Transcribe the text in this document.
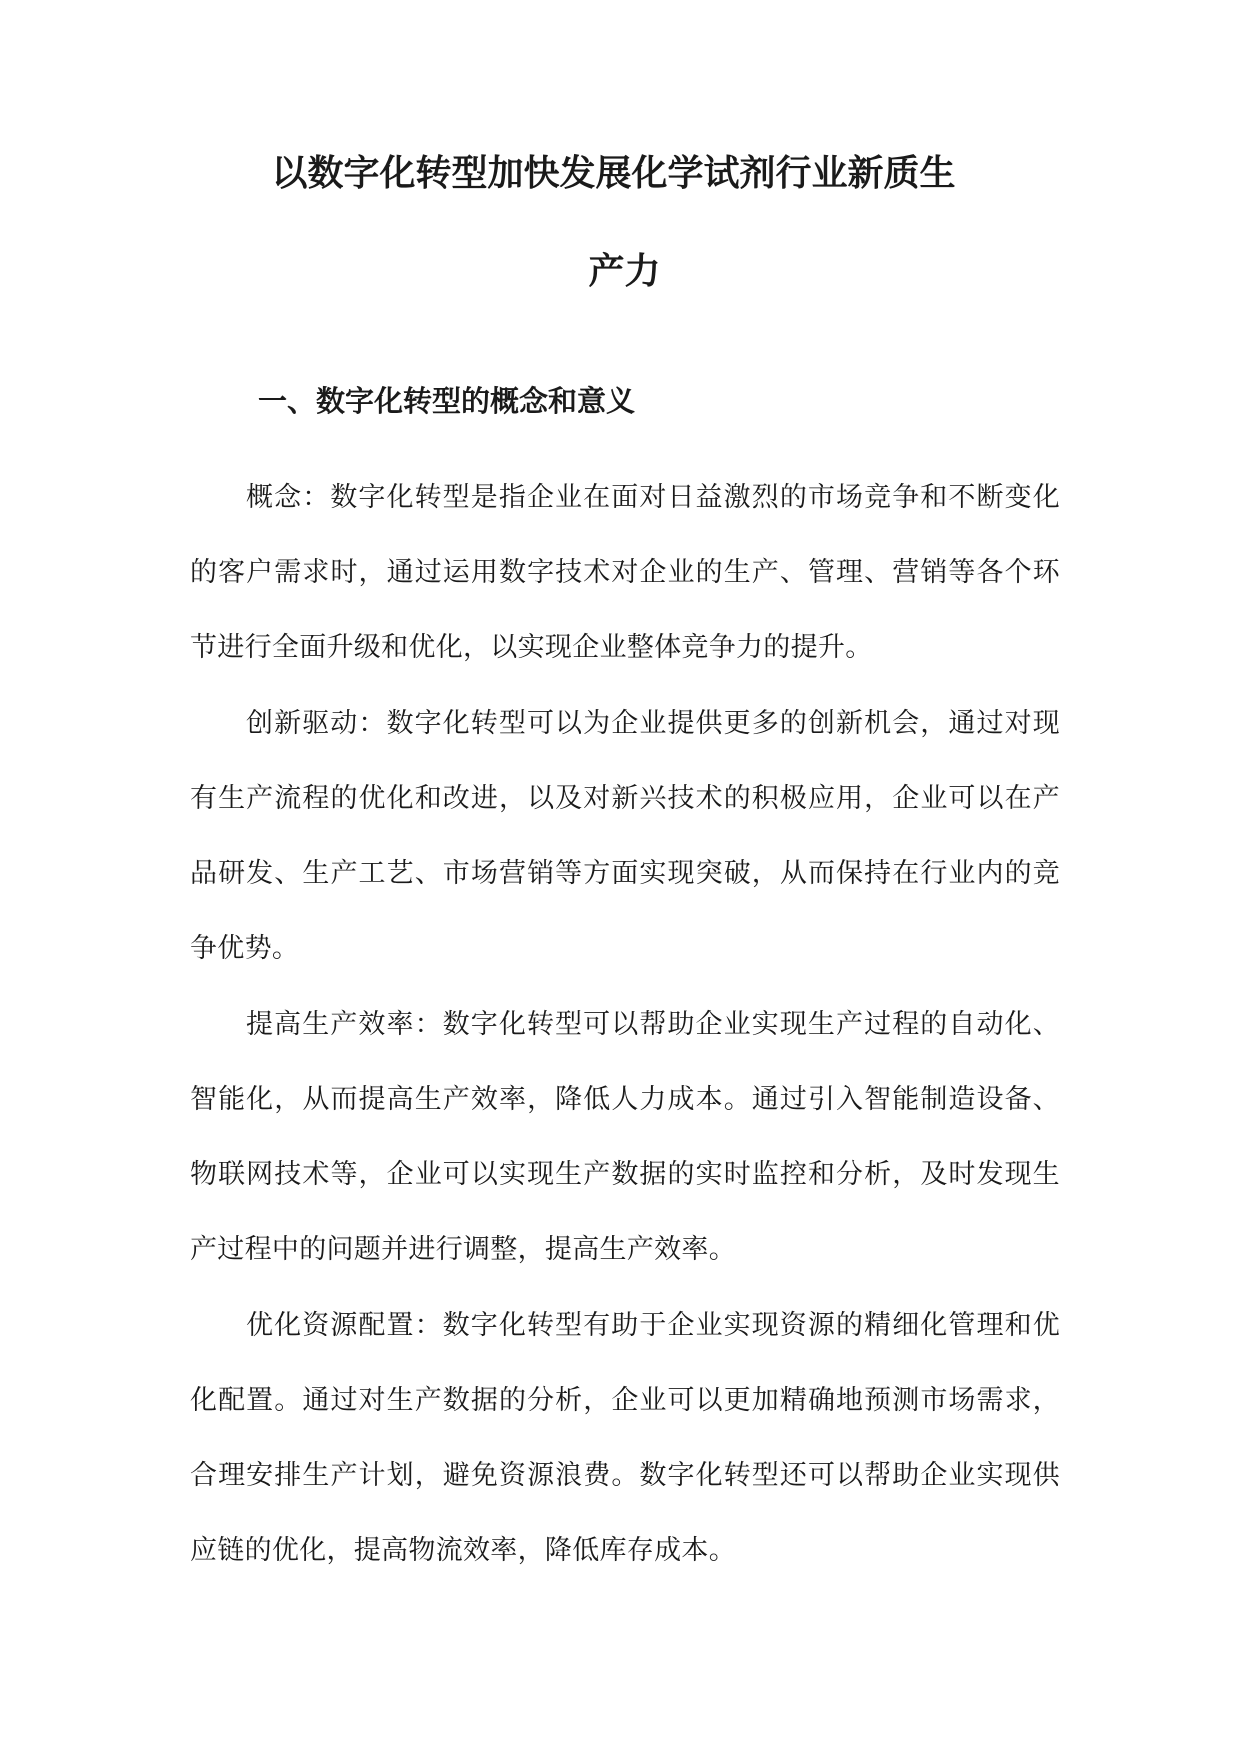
以数字化转型加快发展化学试剂行业新质生
产力
一、数字化转型的概念和意义

概念：数字化转型是指企业在面对日益激烈的市场竞争和不断变化的客户需求时，通过运用数字技术对企业的生产、管理、营销等各个环节进行全面升级和优化，以实现企业整体竞争力的提升。

创新驱动：数字化转型可以为企业提供更多的创新机会，通过对现有生产流程的优化和改进，以及对新兴技术的积极应用，企业可以在产品研发、生产工艺、市场营销等方面实现突破，从而保持在行业内的竞争优势。

提高生产效率：数字化转型可以帮助企业实现生产过程的自动化、智能化，从而提高生产效率，降低人力成本。通过引入智能制造设备、物联网技术等，企业可以实现生产数据的实时监控和分析，及时发现生产过程中的问题并进行调整，提高生产效率。

优化资源配置：数字化转型有助于企业实现资源的精细化管理和优化配置。通过对生产数据的分析，企业可以更加精确地预测市场需求，合理安排生产计划，避免资源浪费。数字化转型还可以帮助企业实现供应链的优化，提高物流效率，降低库存成本。
